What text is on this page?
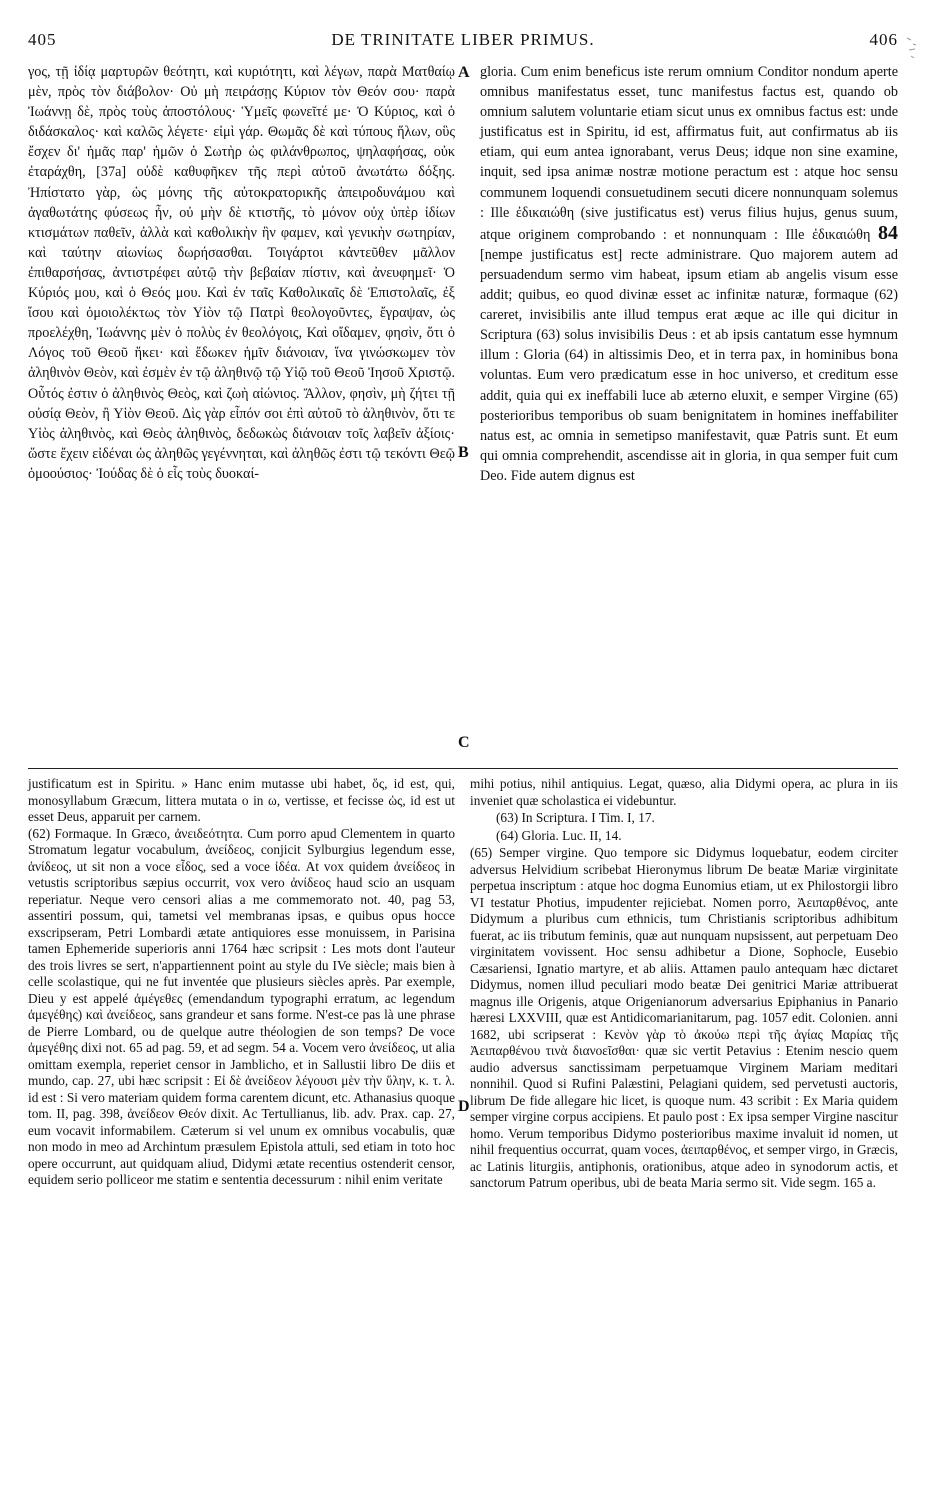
405	DE TRINITATE LIBER PRIMUS.	406

γος, τῇ ἰδίᾳ μαρτυρῶν θεότητι, καὶ κυριότητι, καὶ λέγων, παρὰ Ματθαίῳ μὲν, πρὸς τὸν διάβολον· Οὐ μὴ πειράσῃς Κύριον τὸν Θεόν σου· παρὰ Ἰωάννῃ δὲ, πρὸς τοὺς ἀποστόλους· Ὑμεῖς φωνεῖτέ με· Ὁ Κύριος, καὶ ὁ διδάσκαλος· καὶ καλῶς λέγετε· εἰμὶ γάρ. Θωμᾶς δὲ καὶ τύπους ἥλων, οὓς ἔσχεν δι' ἡμᾶς παρ' ἡμῶν ὁ Σωτὴρ ὡς φιλάνθρωπος, ψηλαφήσας, οὐκ ἐταράχθη, [37a] οὐδὲ καθυφῆκεν τῆς περὶ αὐτοῦ ἀνωτάτω δόξης. Ἠπίστατο γὰρ, ὡς μόνης τῆς αὐτοκρατορικῆς ἀπειροδυνάμου καὶ ἀγαθωτάτης φύσεως ἦν, οὐ μὴν δὲ κτιστῆς, τὸ μόνον οὐχ ὑπὲρ ἰδίων κτισμάτων παθεῖν, ἀλλὰ καὶ καθολικὴν ἣν φαμεν, καὶ γενικὴν σωτηρίαν, καὶ ταύτην αἰωνίως δωρήσασθαι. Τοιγάρτοι κἀντεῦθεν μᾶλλον ἐπιθαρσήσας, ἀντιστρέφει αὐτῷ τὴν βεβαίαν πίστιν, καὶ ἀνευφημεῖ· Ὁ Κύριός μου, καὶ ὁ Θεός μου. Καὶ ἐν ταῖς Καθολικαῖς δὲ Ἐπιστολαῖς, ἐξ ἴσου καὶ ὁμοιολέκτως τὸν Υἱὸν τῷ Πατρὶ θεολογοῦντες, ἔγραψαν, ὡς προελέχθη, Ἰωάννης μὲν ὁ πολὺς ἐν θεολόγοις, Καὶ οἴδαμεν, φησὶν, ὅτι ὁ Λόγος τοῦ Θεοῦ ἥκει· καὶ ἔδωκεν ἡμῖν διάνοιαν, ἵνα γινώσκωμεν τὸν ἀληθινὸν Θεὸν, καὶ ἐσμὲν ἐν τῷ ἀληθινῷ τῷ Υἱῷ τοῦ Θεοῦ Ἰησοῦ Χριστῷ. Οὗτός ἐστιν ὁ ἀληθινὸς Θεὸς, καὶ ζωὴ αἰώνιος. Ἄλλον, φησὶν, μὴ ζήτει τῇ οὐσίᾳ Θεὸν, ἢ Υἱὸν Θεοῦ. Δὶς γὰρ εἶπόν σοι ἐπὶ αὐτοῦ τὸ ἀληθινὸν, ὅτι τε Υἱὸς ἀληθινὸς, καὶ Θεὸς ἀληθινὸς, δεδωκὼς διάνοιαν τοῖς λαβεῖν ἀξίοις· ὥστε ἔχειν εἰδέναι ὡς ἀληθῶς γεγέννηται, καὶ ἀληθῶς ἐστι τῷ τεκόντι Θεῷ ὁμοούσιος· Ἰούδας δὲ ὁ εἷς τοὺς δυοκαί-

A
B
C
D

gloria. Cum enim beneficus iste rerum omnium Conditor nondum aperte omnibus manifestatus esset, tunc manifestus factus est, quando ob omnium salutem voluntarie etiam sicut unus ex omnibus factus est: unde justificatus est in Spiritu, id est, affirmatus fuit, aut confirmatus ab iis etiam, qui eum antea ignorabant, verus Deus; idque non sine examine, inquit, sed ipsa animæ nostræ motione peractum est : atque hoc sensu communem loquendi consuetudinem secuti dicere nonnunquam solemus : Ille ἐδικαιώθη (sive justificatus est) verus filius hujus, genus suum, atque originem comprobando : et nonnunquam : Ille ἐδικαιώθη 84 [nempe justificatus est] recte administrare. Quo majorem autem ad persuadendum sermo vim habeat, ipsum etiam ab angelis visum esse addit; quibus, eo quod divinæ esset ac infinitæ naturæ, formaque (62) careret, invisibilis ante illud tempus erat æque ac ille qui dicitur in Scriptura (63) solus invisibilis Deus : et ab ipsis cantatum esse hymnum illum : Gloria (64) in altissimis Deo, et in terra pax, in hominibus bona voluntas. Eum vero prædicatum esse in hoc universo, et creditum esse addit, quia qui ex ineffabili luce ab æterno eluxit, e semper Virgine (65) posterioribus temporibus ob suam benignitatem in homines ineffabiliter natus est, ac omnia in semetipso manifestavit, quæ Patris sunt. Et eum qui omnia comprehendit, ascendisse ait in gloria, in qua semper fuit cum Deo. Fide autem dignus est

justificatum est in Spiritu. » Hanc enim mutasse ubi habet, ὅς, id est, qui, monosyllabum Græcum, littera mutata o in ω, vertisse, et fecisse ὡς, id est ut esset Deus, apparuit per carnem.

(62) Formaque. In Græco, ἀνειδεότητα. Cum porro apud Clementem in quarto Stromatum legatur vocabulum, ἀνείδεος, conjicit Sylburgius legendum esse, ἀνίδεος, ut sit non a voce εἶδος, sed a voce ἰδέα. At vox quidem ἀνείδεος in vetustis scriptoribus sæpius occurrit, vox vero ἀνίδεος haud scio an usquam reperiatur. Neque vero censori alias a me commemorato not. 40, pag 53, assentiri possum, qui, tametsi vel membranas ipsas, e quibus opus hocce exscripseram, Petri Lombardi ætate antiquiores esse monuissem, in Parisina tamen Ephemeride superioris anni 1764 hæc scripsit : Les mots dont l'auteur des trois livres se sert, n'appartiennent point au style du IVe siècle; mais bien à celle scolastique, qui ne fut inventée que plusieurs siècles après. Par exemple, Dieu y est appelé ἀμέγεθες (emendandum typographi erratum, ac legendum ἀμεγέθης) καὶ ἀνείδεος, sans grandeur et sans forme. N'est-ce pas là une phrase de Pierre Lombard, ou de quelque autre théologien de son temps? De voce ἀμεγέθης dixi not. 65 ad pag. 59, et ad segm. 54 a. Vocem vero ἀνείδεος, ut alia omittam exempla, reperiet censor in Jamblicho, et in Sallustii libro De diis et mundo, cap. 27, ubi hæc scripsit : Εἰ δὲ ἀνείδεον λέγουσι μὲν τὴν ὕλην, κ. τ. λ. id est : Si vero materiam quidem forma carentem dicunt, etc. Athanasius quoque tom. II, pag. 398, ἀνείδεον Θεόν dixit. Ac Tertullianus, lib. adv. Prax. cap. 27, eum vocavit informabilem. Cæterum si vel unum ex omnibus vocabulis, quæ non modo in meo ad Archintum præsulem Epistola attuli, sed etiam in toto hoc opere occurrunt, aut quidquam aliud, Didymi ætate recentius ostenderit censor, equidem serio polliceor me statim e sententia decessurum : nihil enim veritate

mihi potius, nihil antiquius. Legat, quæso, alia Didymi opera, ac plura in iis inveniet quæ scholastica ei videbuntur.

(63) In Scriptura. I Tim. I, 17.

(64) Gloria. Luc. II, 14.

(65) Semper virgine. Quo tempore sic Didymus loquebatur, eodem circiter adversus Helvidium scribebat Hieronymus librum De beatæ Mariæ virginitate perpetua inscriptum : atque hoc dogma Eunomius etiam, ut ex Philostorgii libro VI testatur Photius, impudenter rejiciebat. Nomen porro, Ἀειπαρθένος, ante Didymum a pluribus cum ethnicis, tum Christianis scriptoribus adhibitum fuerat, ac iis tributum feminis, quæ aut nunquam nupsissent, aut perpetuam Deo virginitatem vovissent. Hoc sensu adhibetur a Dione, Sophocle, Eusebio Cæsariensi, Ignatio martyre, et ab aliis. Attamen paulo antequam hæc dictaret Didymus, nomen illud peculiari modo beatæ Dei genitrici Mariæ attribuerat magnus ille Origenis, atque Origenianorum adversarius Epiphanius in Panario hæresi LXXVIII, quæ est Antidicomarianitarum, pag. 1057 edit. Colonien. anni 1682, ubi scripserat : Κενὸν γὰρ τὸ ἀκούω περὶ τῆς ἁγίας Μαρίας τῆς Ἀειπαρθένου τινὰ διανοεῖσθαι· quæ sic vertit Petavius : Etenim nescio quem audio adversus sanctissimam perpetuamque Virginem Mariam meditari nonnihil. Quod si Rufini Palæstini, Pelagiani quidem, sed pervetusti auctoris, librum De fide allegare hic licet, is quoque num. 43 scribit : Ex Maria quidem semper virgine corpus accipiens. Et paulo post : Ex ipsa semper Virgine nascitur homo. Verum temporibus Didymo posterioribus maxime invaluit id nomen, ut nihil frequentius occurrat, quam voces, ἀειπαρθένος, et semper virgo, in Græcis, ac Latinis liturgiis, antiphonis, orationibus, atque adeo in synodorum actis, et sanctorum Patrum operibus, ubi de beata Maria sermo sit. Vide segm. 165 a.
